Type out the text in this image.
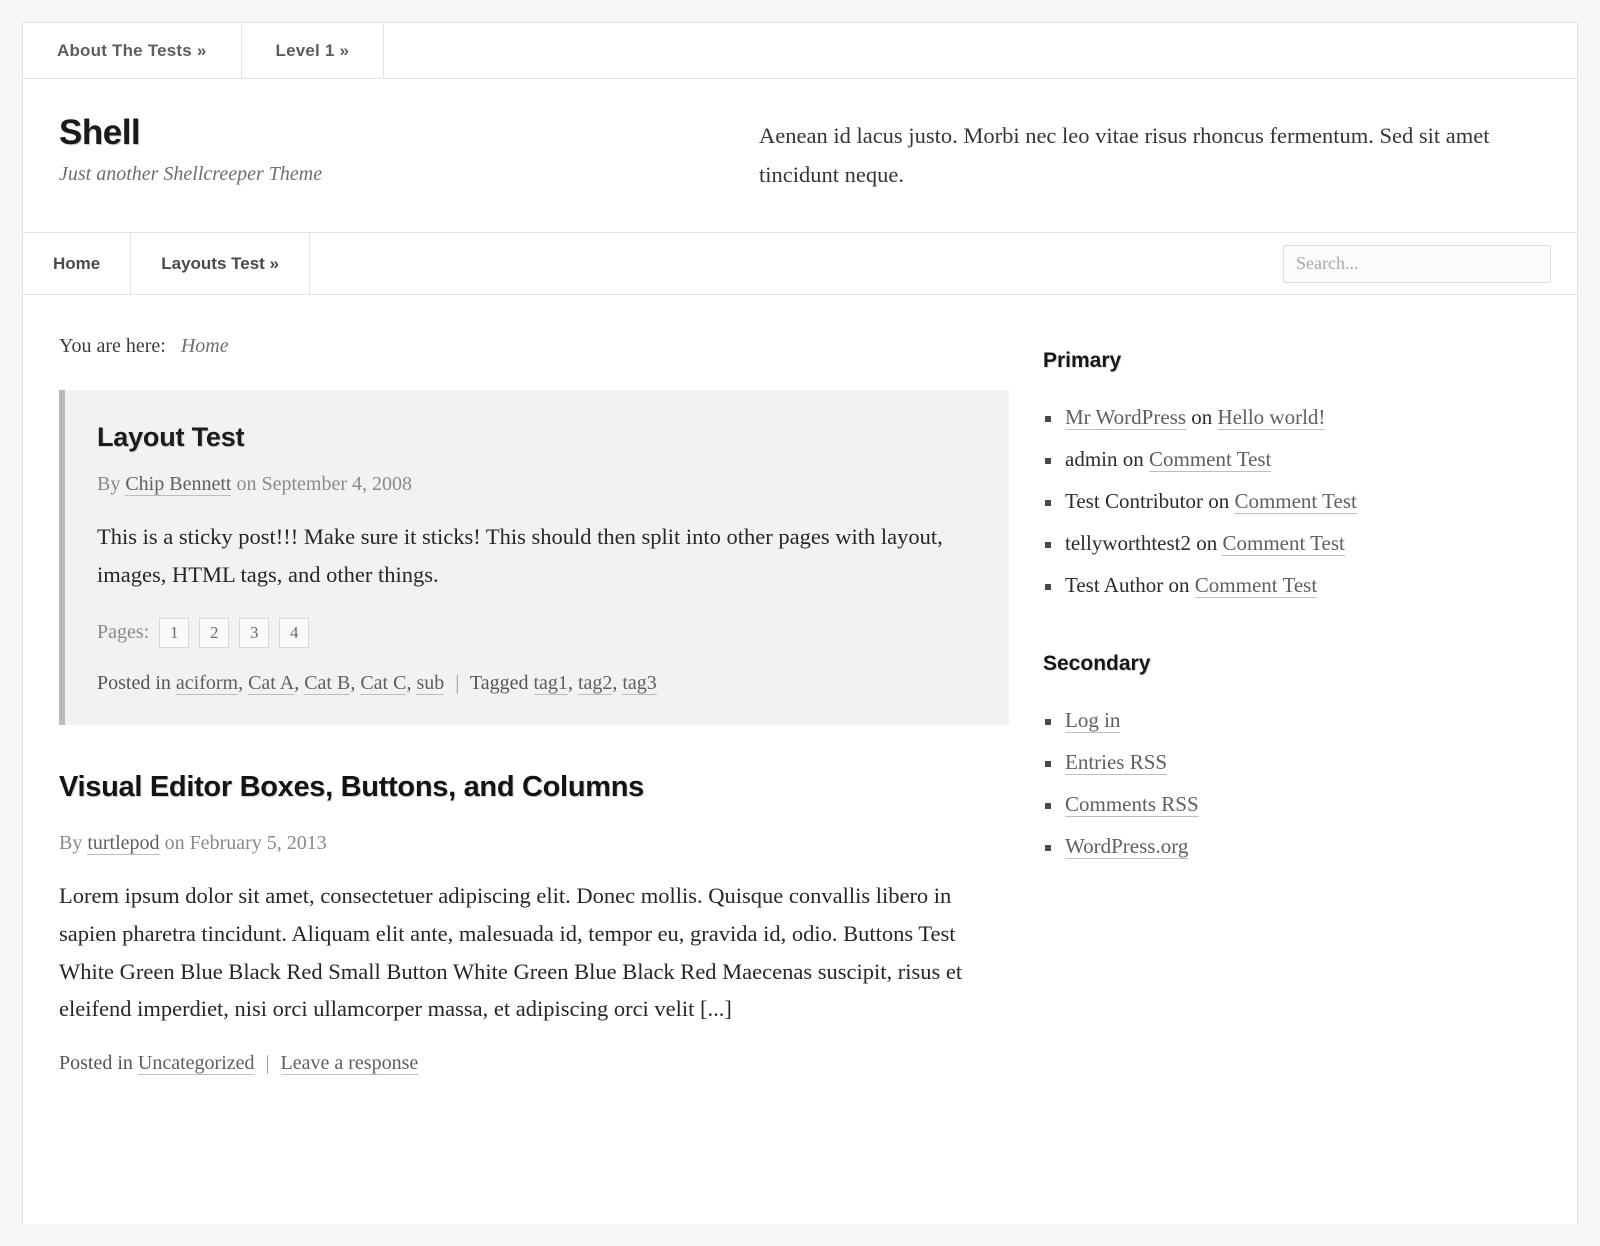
About The Tests »	Level 1 »
Shell

Just another Shellcreeper Theme

Aenean id lacus justo. Morbi nec leo vitae risus rhoncus fermentum. Sed sit amet tincidunt neque.
Home	Layouts Test »
Search...
You are here: Home
Layout Test
By Chip Bennett on September 4, 2008

This is a sticky post!!! Make sure it sticks! This should then split into other pages with layout, images, HTML tags, and other things.

Pages:	1	2	3	4
Posted in aciform, Cat A, Cat B, Cat C, sub | Tagged tag1, tag2, tag3
Visual Editor Boxes, Buttons, and Columns
By turtlepod on February 5, 2013

Lorem ipsum dolor sit amet, consectetuer adipiscing elit. Donec mollis. Quisque convallis libero in sapien pharetra tincidunt. Aliquam elit ante, malesuada id, tempor eu, gravida id, odio. Buttons Test White Green Blue Black Red Small Button White Green Blue Black Red Maecenas suscipit, risus et eleifend imperdiet, nisi orci ullamcorper massa, et adipiscing orci velit [...]

Posted in Uncategorized | Leave a response
Primary
Mr WordPress on Hello world!
admin on Comment Test
Test Contributor on Comment Test
tellyworthtest2 on Comment Test
Test Author on Comment Test
Secondary
Log in
Entries RSS
Comments RSS
WordPress.org
